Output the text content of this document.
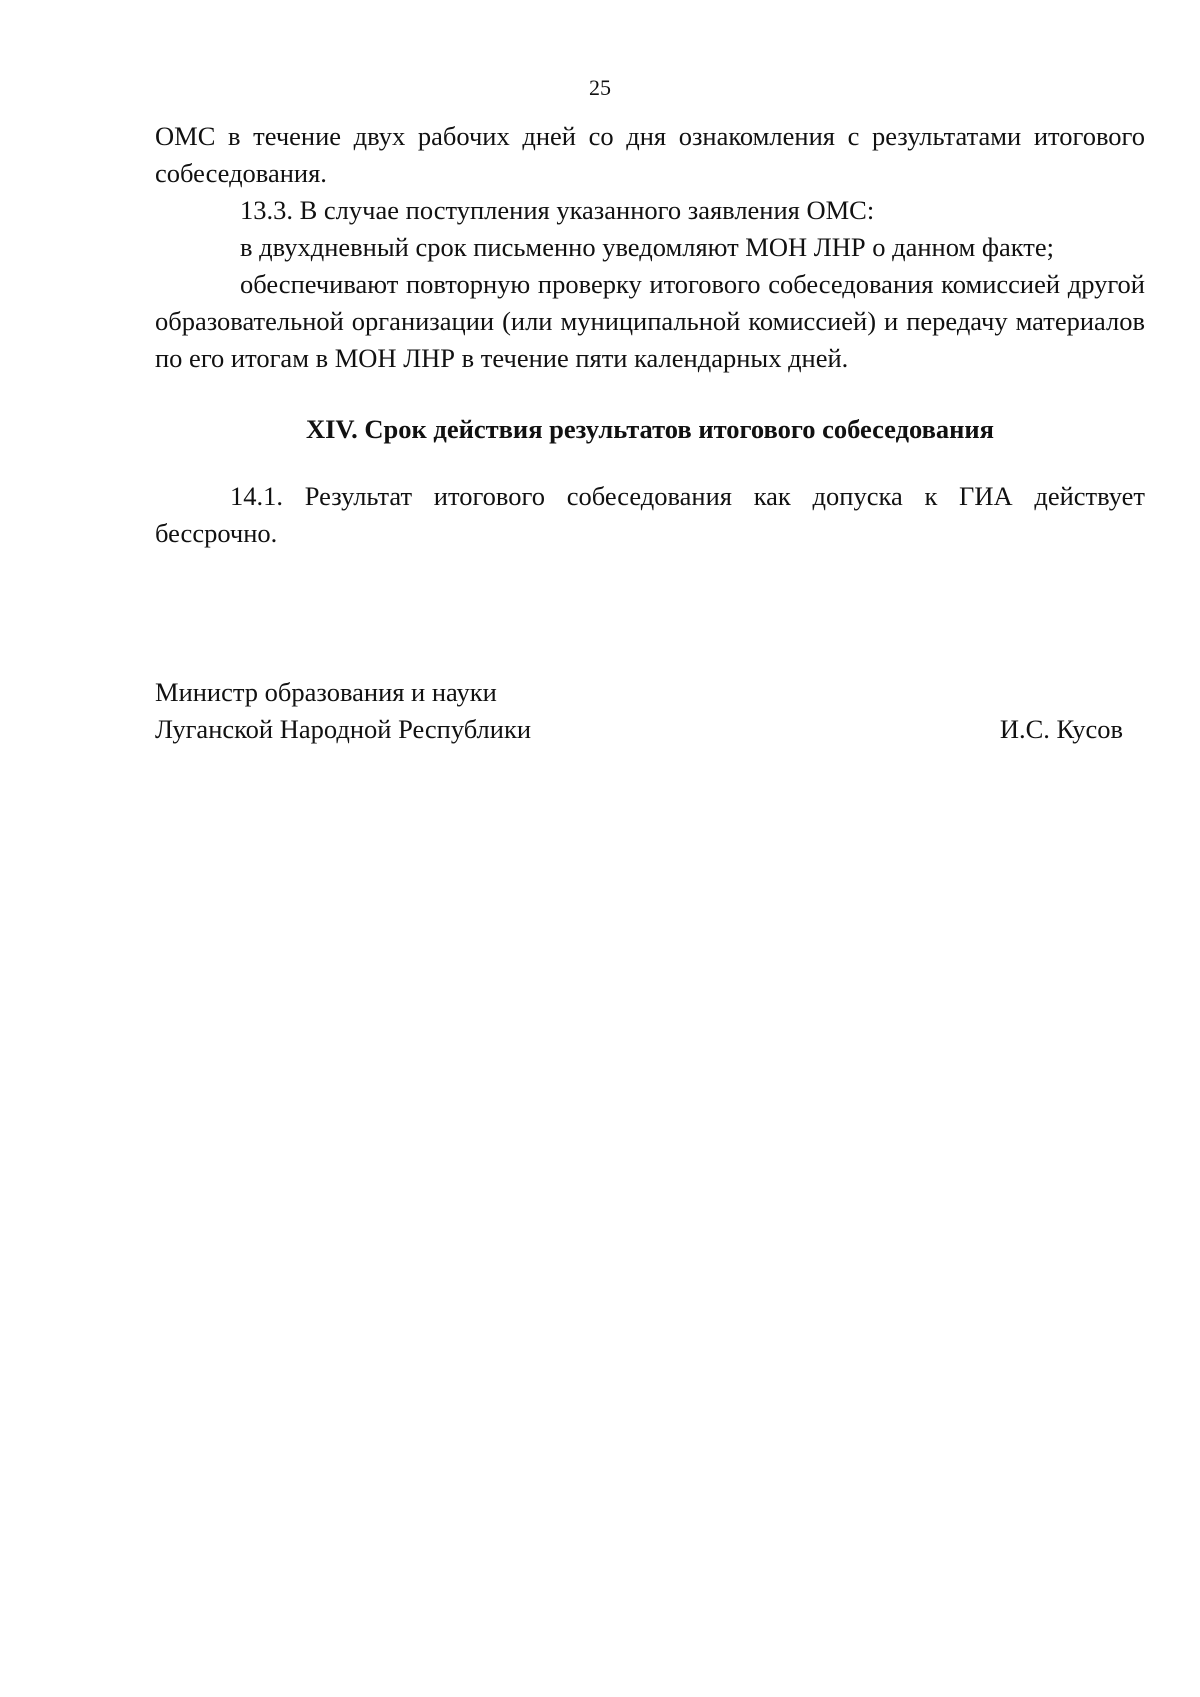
25

ОМС в течение двух рабочих дней со дня ознакомления с результатами итогового собеседования.

13.3. В случае поступления указанного заявления ОМС:

в двухдневный срок письменно уведомляют МОН ЛНР о данном факте;

обеспечивают повторную проверку итогового собеседования комиссией другой образовательной организации (или муниципальной комиссией) и передачу материалов по его итогам в МОН ЛНР в течение пяти календарных дней.

XIV. Срок действия результатов итогового собеседования

14.1. Результат итогового собеседования как допуска к ГИА действует бессрочно.

Министр образования и науки
Луганской Народной Республики	И.С. Кусов
